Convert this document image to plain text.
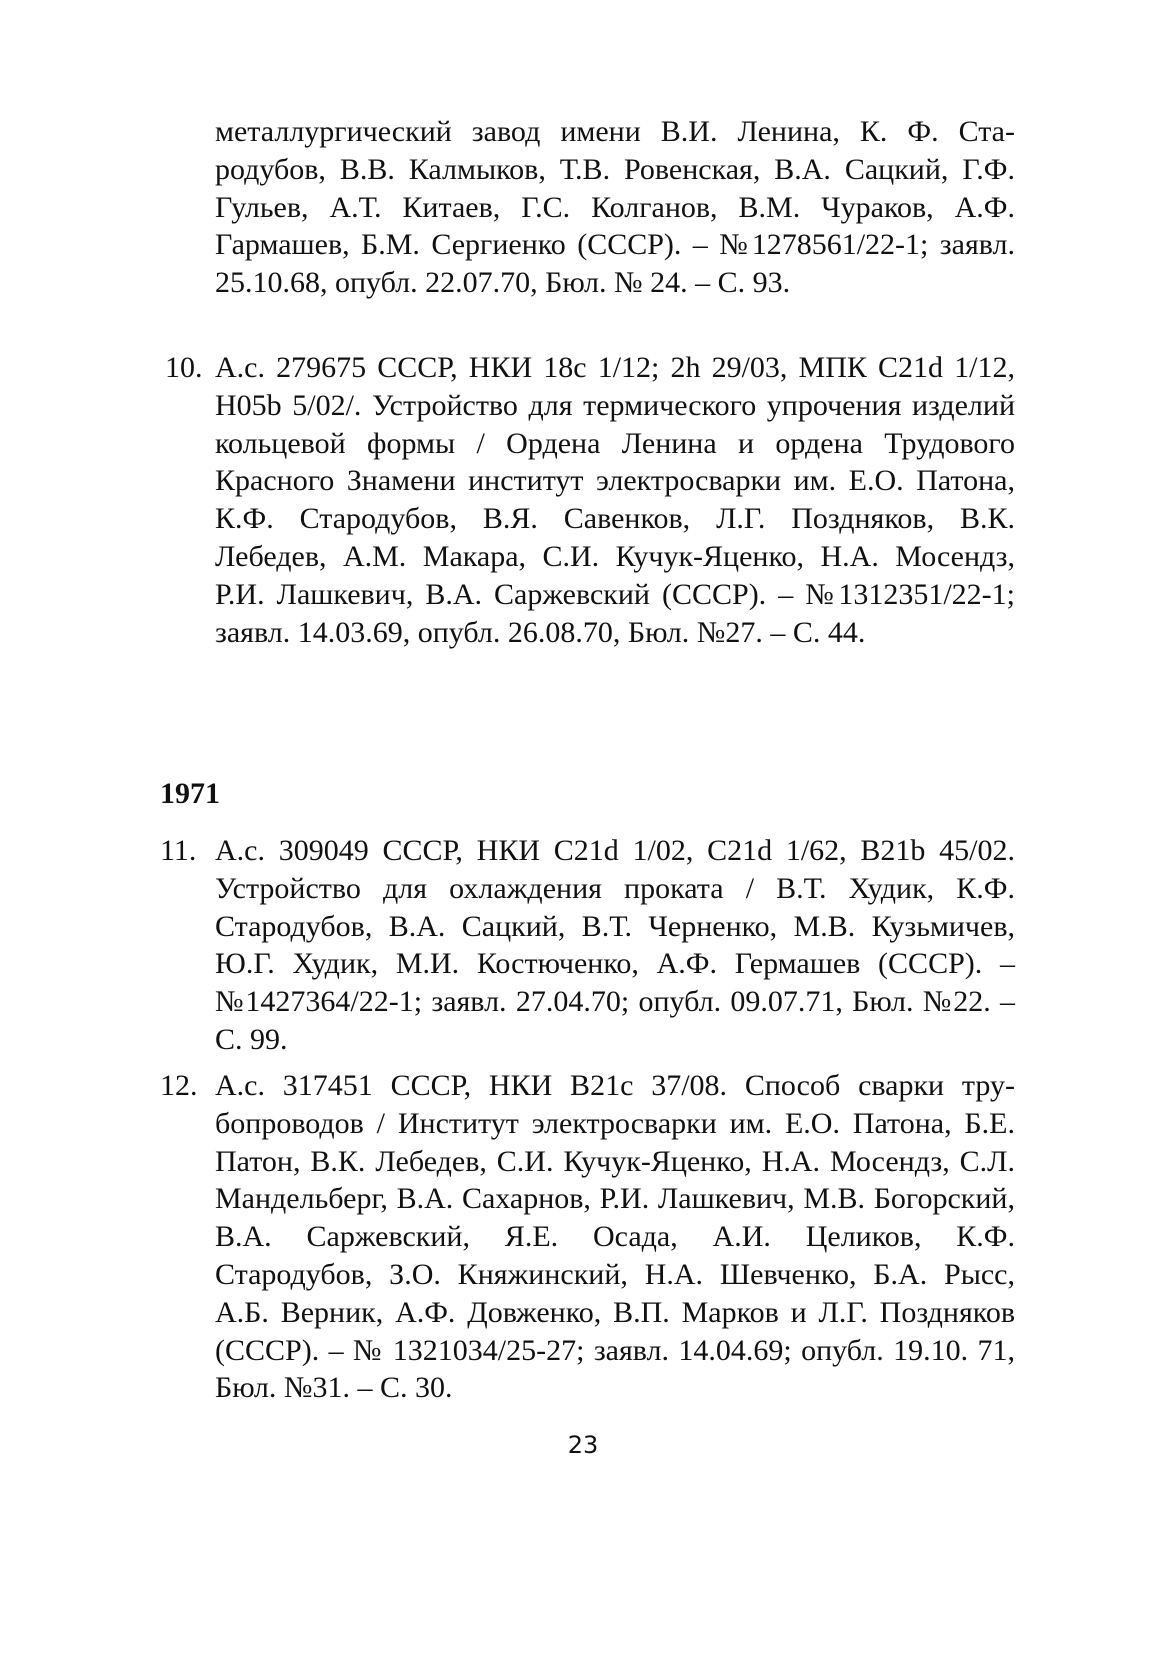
металлургический завод имени В.И. Ленина, К. Ф. Стародубов, В.В. Калмыков, Т.В. Ровенская, В.А. Сацкий, Г.Ф. Гульев, А.Т. Китаев, Г.С. Колганов, В.М. Чураков, А.Ф. Гармашев, Б.М. Сергиенко (СССР). – №1278561/22-1; заявл. 25.10.68, опубл. 22.07.70, Бюл. № 24. – С. 93.
10. А.с. 279675 СССР, НКИ 18с 1/12; 2h 29/03, МПК C21d 1/12, H05b 5/02/. Устройство для термического упрочения изделий кольцевой формы / Ордена Ленина и ордена Трудового Красного Знамени институт электросварки им. Е.О. Патона, К.Ф. Стародубов, В.Я. Савенков, Л.Г. Поздняков, В.К. Лебедев, А.М. Макара, С.И. Кучук-Яценко, Н.А. Мосендз, Р.И. Лашкевич, В.А. Саржевский (СССР). – №1312351/22-1; заявл. 14.03.69, опубл. 26.08.70, Бюл. №27. – С. 44.
1971
11. А.с. 309049 СССР, НКИ C21d 1/02, C21d 1/62, B21b 45/02. Устройство для охлаждения проката / В.Т. Худик, К.Ф. Стародубов, В.А. Сацкий, В.Т. Черненко, М.В. Кузьмичев, Ю.Г. Худик, М.И. Костюченко, А.Ф. Гермашев (СССР). – №1427364/22-1; заявл. 27.04.70; опубл. 09.07.71, Бюл. №22. – С. 99.
12. А.с. 317451 СССР, НКИ B21c 37/08. Способ сварки трубопроводов / Институт электросварки им. Е.О. Патона, Б.Е. Патон, В.К. Лебедев, С.И. Кучук-Яценко, Н.А. Мосендз, С.Л. Мандельберг, В.А. Сахарнов, Р.И. Лашкевич, М.В. Богорский, В.А. Саржевский, Я.Е. Осада, А.И. Целиков, К.Ф. Стародубов, З.О. Княжинский, Н.А. Шевченко, Б.А. Рысс, А.Б. Верник, А.Ф. Довженко, В.П. Марков и Л.Г. Поздняков (СССР). – № 1321034/25-27; заявл. 14.04.69; опубл. 19.10. 71, Бюл. №31. – С. 30.
23
